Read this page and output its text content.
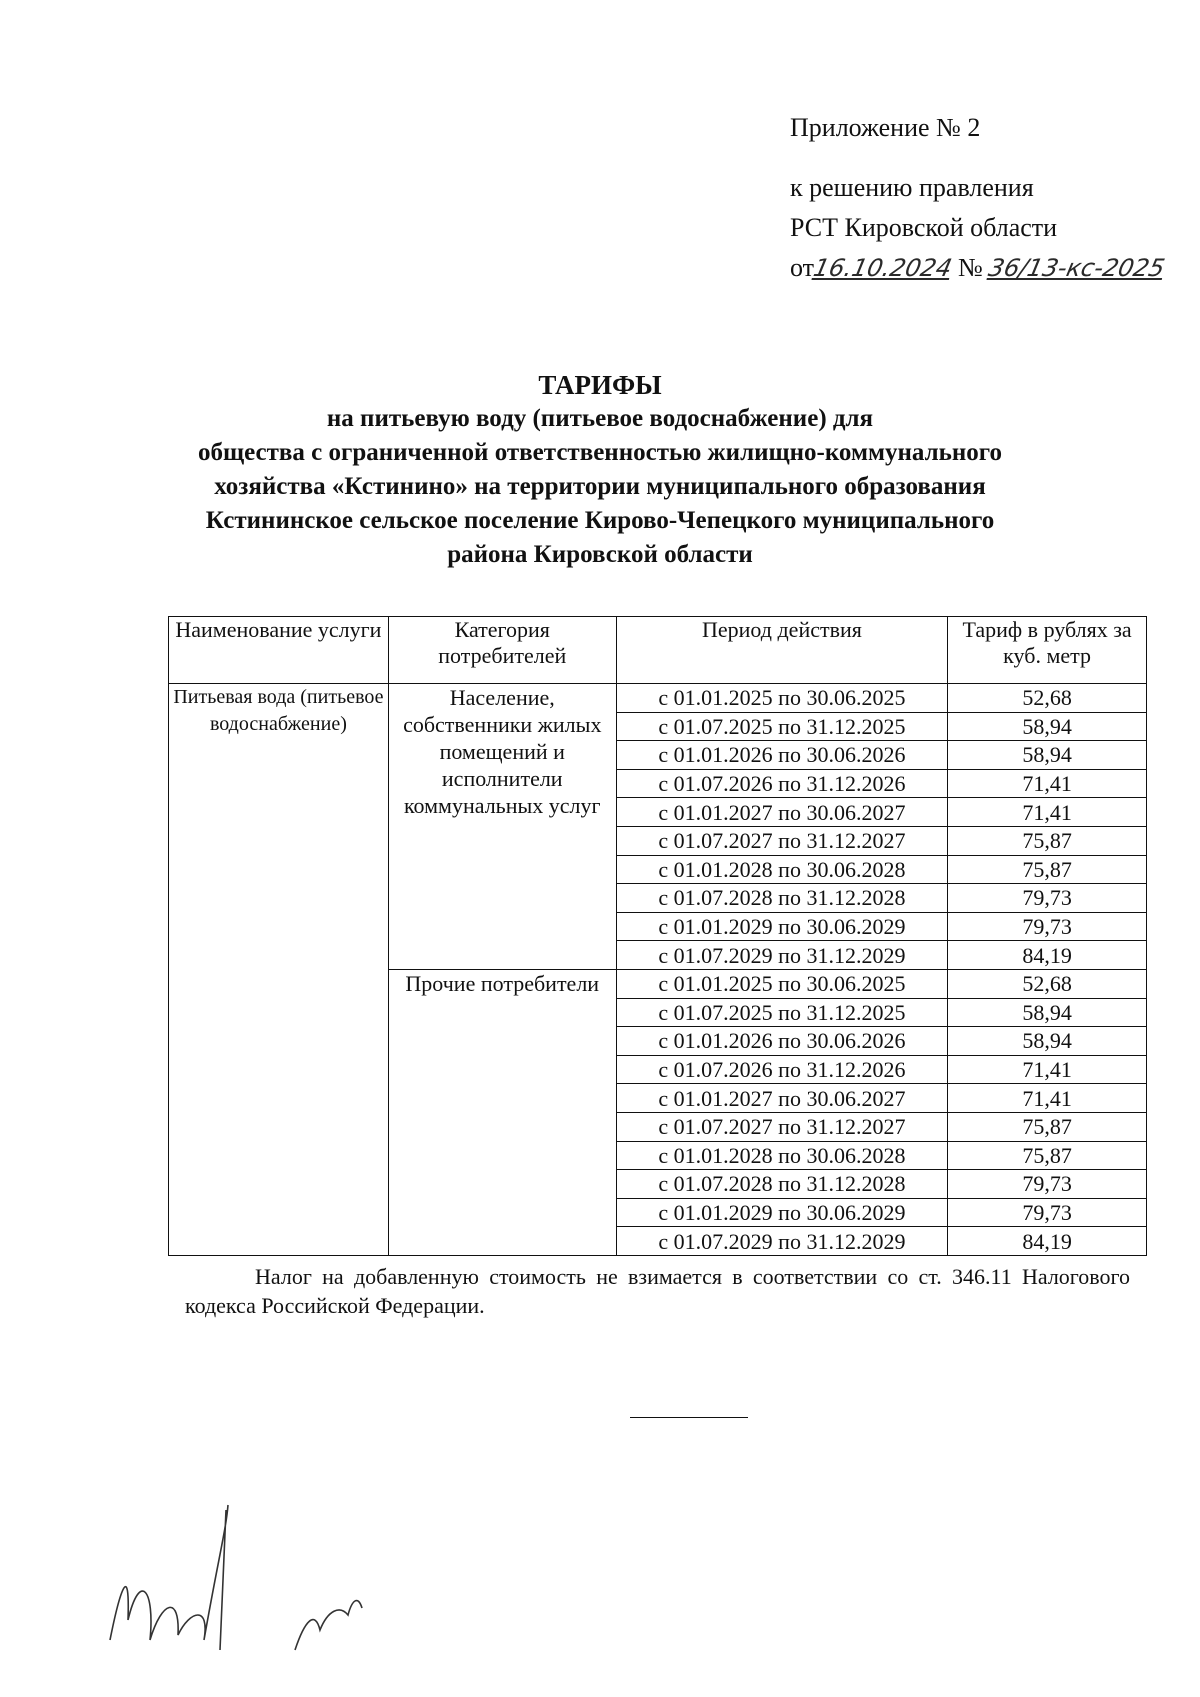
Приложение № 2
к решению правления
РСТ Кировской области
от16.10.2024 № 36/13-кс-2025
ТАРИФЫ
на питьевую воду (питьевое водоснабжение) для
общества с ограниченной ответственностью жилищно-коммунального
хозяйства «Кстинино» на территории муниципального образования
Кстининское сельское поселение Кирово-Чепецкого муниципального
района Кировской области
Наименование услуги	Категория потребителей	Период действия	Тариф в рублях за куб. метр
Питьевая вода (питьевое водоснабжение)	Население, собственники жилых помещений и исполнители коммунальных услуг	с 01.01.2025 по 30.06.2025	52,68
		с 01.07.2025 по 31.12.2025	58,94
		с 01.01.2026 по 30.06.2026	58,94
		с 01.07.2026 по 31.12.2026	71,41
		с 01.01.2027 по 30.06.2027	71,41
		с 01.07.2027 по 31.12.2027	75,87
		с 01.01.2028 по 30.06.2028	75,87
		с 01.07.2028 по 31.12.2028	79,73
		с 01.01.2029 по 30.06.2029	79,73
		с 01.07.2029 по 31.12.2029	84,19
	Прочие потребители	с 01.01.2025 по 30.06.2025	52,68
		с 01.07.2025 по 31.12.2025	58,94
		с 01.01.2026 по 30.06.2026	58,94
		с 01.07.2026 по 31.12.2026	71,41
		с 01.01.2027 по 30.06.2027	71,41
		с 01.07.2027 по 31.12.2027	75,87
		с 01.01.2028 по 30.06.2028	75,87
		с 01.07.2028 по 31.12.2028	79,73
		с 01.01.2029 по 30.06.2029	79,73
		с 01.07.2029 по 31.12.2029	84,19
Налог на добавленную стоимость не взимается в соответствии со ст. 346.11 Налогового кодекса Российской Федерации.
